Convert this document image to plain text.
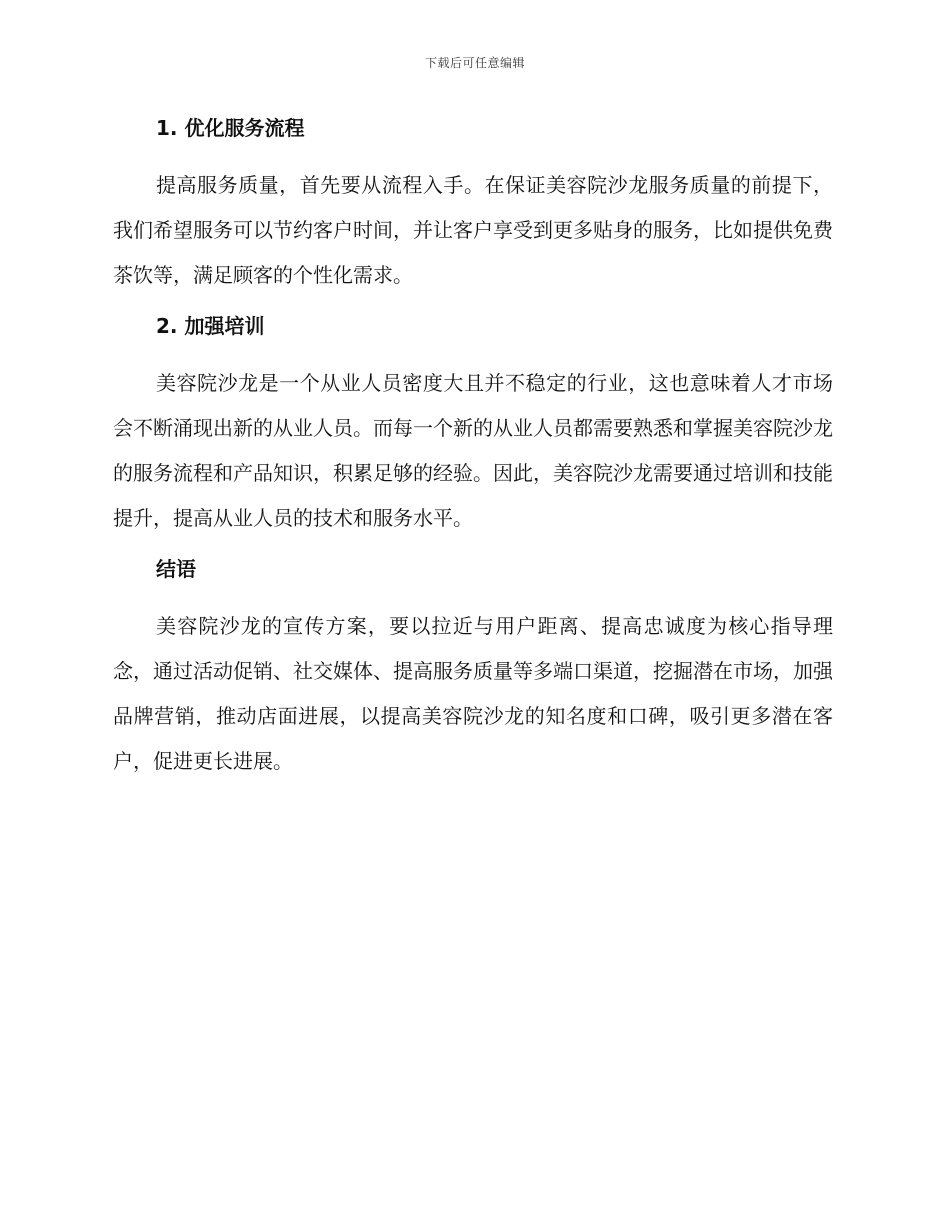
下载后可任意编辑
1. 优化服务流程

提高服务质量，首先要从流程入手。在保证美容院沙龙服务质量的前提下，我们希望服务可以节约客户时间，并让客户享受到更多贴身的服务，比如提供免费茶饮等，满足顾客的个性化需求。

2. 加强培训

美容院沙龙是一个从业人员密度大且并不稳定的行业，这也意味着人才市场会不断涌现出新的从业人员。而每一个新的从业人员都需要熟悉和掌握美容院沙龙的服务流程和产品知识，积累足够的经验。因此，美容院沙龙需要通过培训和技能提升，提高从业人员的技术和服务水平。

结语

美容院沙龙的宣传方案，要以拉近与用户距离、提高忠诚度为核心指导理念，通过活动促销、社交媒体、提高服务质量等多端口渠道，挖掘潜在市场，加强品牌营销，推动店面进展，以提高美容院沙龙的知名度和口碑，吸引更多潜在客户，促进更长进展。
